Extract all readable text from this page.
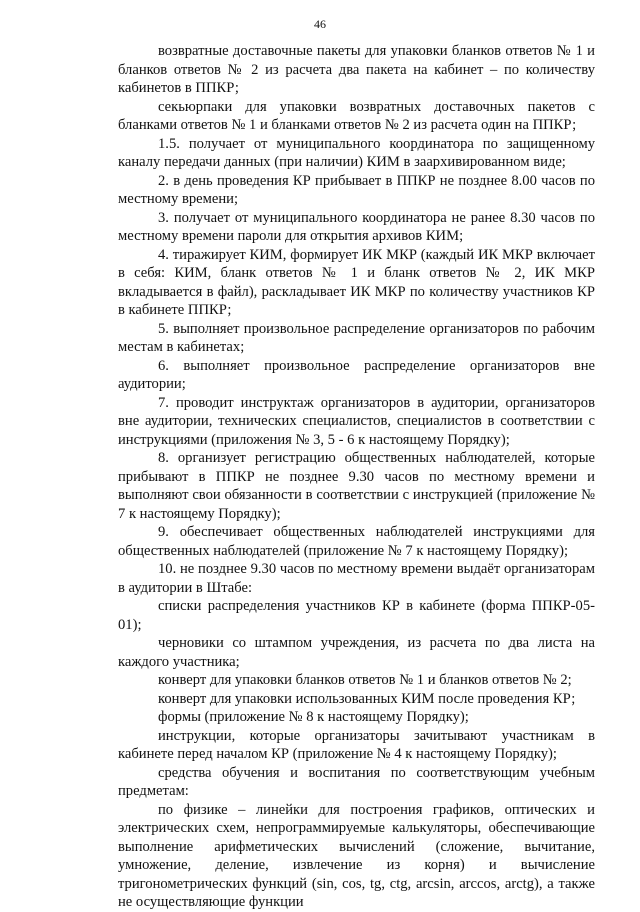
46

возвратные доставочные пакеты для упаковки бланков ответов № 1 и бланков ответов № 2 из расчета два пакета на кабинет – по количеству кабинетов в ППКР;

секьюрпаки для упаковки возвратных доставочных пакетов с бланками ответов № 1 и бланками ответов № 2 из расчета один на ППКР;

1.5. получает от муниципального координатора по защищенному каналу передачи данных (при наличии) КИМ в заархивированном виде;

2. в день проведения КР прибывает в ППКР не позднее 8.00 часов по местному времени;

3. получает от муниципального координатора не ранее 8.30 часов по местному времени пароли для открытия архивов КИМ;

4. тиражирует КИМ, формирует ИК МКР (каждый ИК МКР включает в себя: КИМ, бланк ответов № 1 и бланк ответов № 2, ИК МКР вкладывается в файл), раскладывает ИК МКР по количеству участников КР в кабинете ППКР;

5. выполняет произвольное распределение организаторов по рабочим местам в кабинетах;

6. выполняет произвольное распределение организаторов вне аудитории;

7. проводит инструктаж организаторов в аудитории, организаторов вне аудитории, технических специалистов, специалистов в соответствии с инструкциями (приложения № 3, 5 - 6 к настоящему Порядку);

8. организует регистрацию общественных наблюдателей, которые прибывают в ППКР не позднее 9.30 часов по местному времени и выполняют свои обязанности в соответствии с инструкцией (приложение № 7 к настоящему Порядку);

9. обеспечивает общественных наблюдателей инструкциями для общественных наблюдателей (приложение № 7 к настоящему Порядку);

10. не позднее 9.30 часов по местному времени выдаёт организаторам в аудитории в Штабе:

списки распределения участников КР в кабинете (форма ППКР-05-01);

черновики со штампом учреждения, из расчета по два листа на каждого участника;

конверт для упаковки бланков ответов № 1 и бланков ответов № 2;

конверт для упаковки использованных КИМ после проведения КР;

формы (приложение № 8 к настоящему Порядку);

инструкции, которые организаторы зачитывают участникам в кабинете перед началом КР (приложение № 4 к настоящему Порядку);

средства обучения и воспитания по соответствующим учебным предметам:

по физике – линейки для построения графиков, оптических и электрических схем, непрограммируемые калькуляторы, обеспечивающие выполнение арифметических вычислений (сложение, вычитание, умножение, деление, извлечение из корня) и вычисление тригонометрических функций (sin, cos, tg, ctg, arcsin, arccos, arctg), а также не осуществляющие функции
